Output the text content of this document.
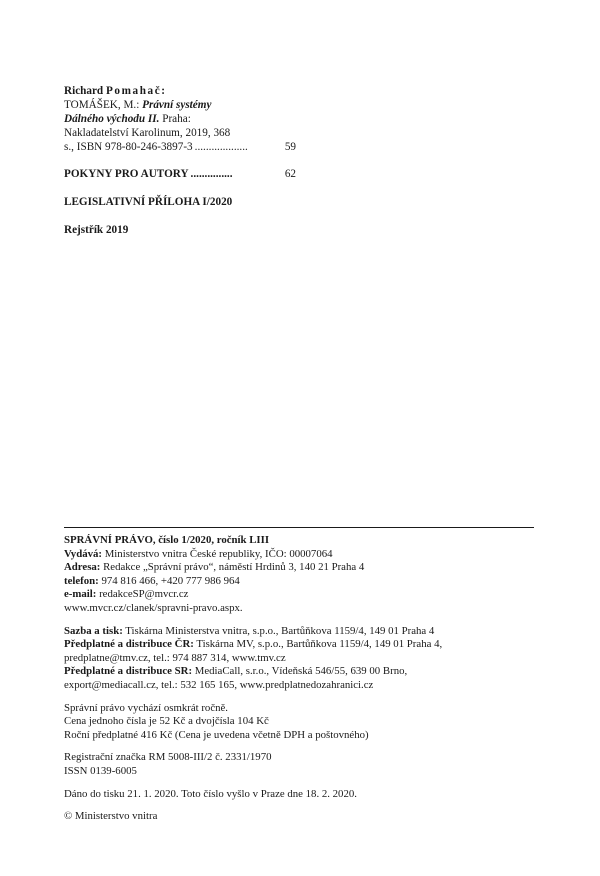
Richard Pomahač:
TOMÁŠEK, M.: Právní systémy
Dálného východu II. Praha:
Nakladatelství Karolinum, 2019, 368
s., ISBN 978-80-246-3897-3 ...................	59
POKYNY PRO AUTORY ...............	62
LEGISLATIVNÍ PŘÍLOHA I/2020
Rejstřík 2019
SPRÁVNÍ PRÁVO, číslo 1/2020, ročník LIII
Vydává: Ministerstvo vnitra České republiky, IČO: 00007064
Adresa: Redakce „Správní právo“, náměstí Hrdinů 3, 140 21 Praha 4
telefon: 974 816 466, +420 777 986 964
e-mail: redakceSP@mvcr.cz
www.mvcr.cz/clanek/spravni-pravo.aspx.
Sazba a tisk: Tiskárna Ministerstva vnitra, s.p.o., Bartůňkova 1159/4, 149 01 Praha 4
Předplatné a distribuce ČR: Tiskárna MV, s.p.o., Bartůňkova 1159/4, 149 01 Praha 4,
predplatne@tmv.cz, tel.: 974 887 314, www.tmv.cz
Předplatné a distribuce SR: MediaCall, s.r.o., Vídeňská 546/55, 639 00 Brno,
export@mediacall.cz, tel.: 532 165 165, www.predplatnedozahranici.cz
Správní právo vychází osmkrát ročně.
Cena jednoho čísla je 52 Kč a dvojčísla 104 Kč
Roční předplatné 416 Kč (Cena je uvedena včetně DPH a poštovného)
Registrační značka RM 5008-III/2 č. 2331/1970
ISSN 0139-6005
Dáno do tisku 21. 1. 2020. Toto číslo vyšlo v Praze dne 18. 2. 2020.
© Ministerstvo vnitra
